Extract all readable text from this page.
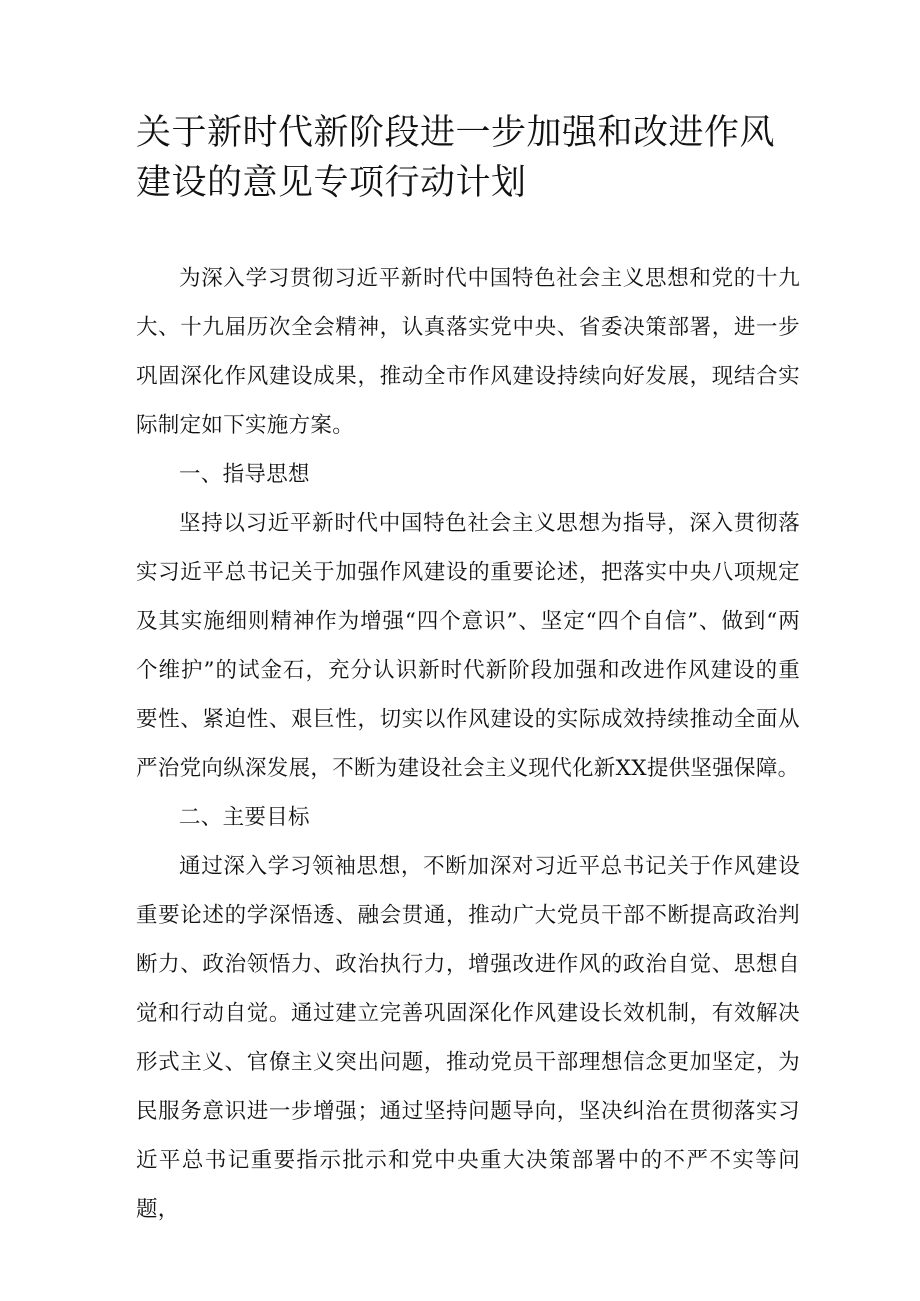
关于新时代新阶段进一步加强和改进作风建设的意见专项行动计划

为深入学习贯彻习近平新时代中国特色社会主义思想和党的十九大、十九届历次全会精神，认真落实党中央、省委决策部署，进一步巩固深化作风建设成果，推动全市作风建设持续向好发展，现结合实际制定如下实施方案。

一、指导思想

坚持以习近平新时代中国特色社会主义思想为指导，深入贯彻落实习近平总书记关于加强作风建设的重要论述，把落实中央八项规定及其实施细则精神作为增强“四个意识”、坚定“四个自信”、做到“两个维护”的试金石，充分认识新时代新阶段加强和改进作风建设的重要性、紧迫性、艰巨性，切实以作风建设的实际成效持续推动全面从严治党向纵深发展，不断为建设社会主义现代化新XX提供坚强保障。

二、主要目标

通过深入学习领袖思想，不断加深对习近平总书记关于作风建设重要论述的学深悟透、融会贯通，推动广大党员干部不断提高政治判断力、政治领悟力、政治执行力，增强改进作风的政治自觉、思想自觉和行动自觉。通过建立完善巩固深化作风建设长效机制，有效解决形式主义、官僚主义突出问题，推动党员干部理想信念更加坚定，为民服务意识进一步增强；通过坚持问题导向，坚决纠治在贯彻落实习近平总书记重要指示批示和党中央重大决策部署中的不严不实等问题，
